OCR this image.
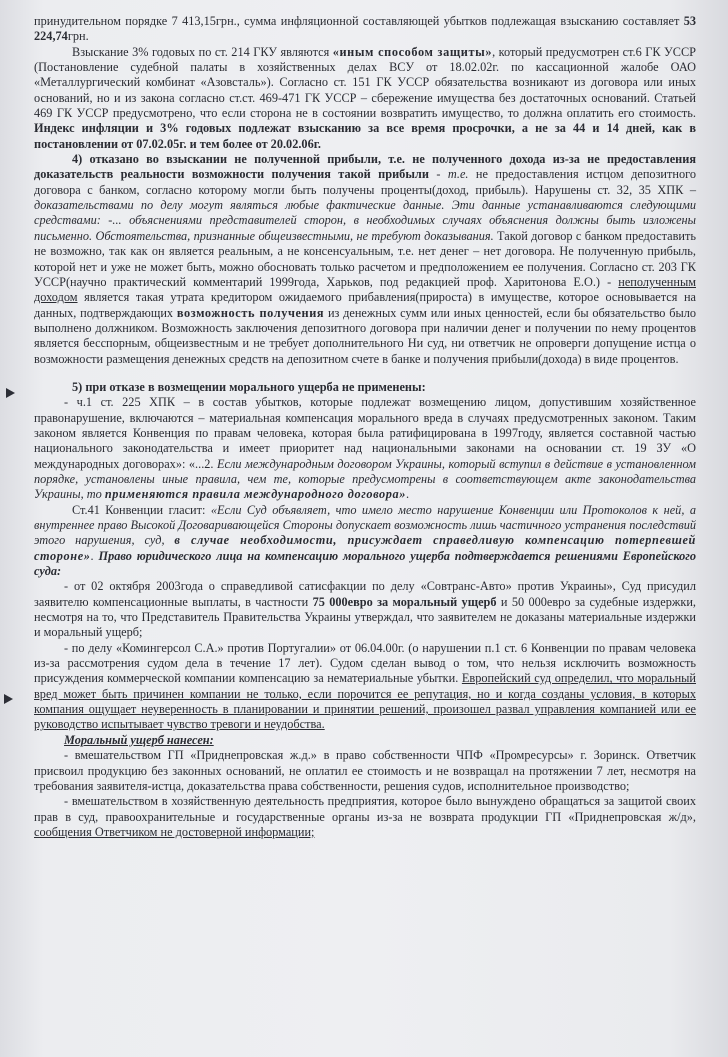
принудительном порядке 7 413,15грн., сумма инфляционной составляющей убытков подлежащая взысканию составляет 53 224,74грн.

Взыскание 3% годовых по ст. 214 ГКУ являются «иным способом защиты», который предусмотрен ст.6 ГК УССР (Постановление судебной палаты в хозяйственных делах ВСУ от 18.02.02г. по кассационной жалобе ОАО «Металлургический комбинат «Азовсталь»). Согласно ст. 151 ГК УССР обязательства возникают из договора или иных оснований, но и из закона согласно ст.ст. 469-471 ГК УССР – сбережение имущества без достаточных оснований. Статьей 469 ГК УССР предусмотрено, что если сторона не в состоянии возвратить имущество, то должна оплатить его стоимость. Индекс инфляции и 3% годовых подлежат взысканию за все время просрочки, а не за 44 и 14 дней, как в постановлении от 07.02.05г. и тем более от 20.02.06г.

4) отказано во взыскании не полученной прибыли, т.е. не полученного дохода из-за не предоставления доказательств реальности возможности получения такой прибыли - т.е. не предоставления истцом депозитного договора с банком, согласно которому могли быть получены проценты(доход, прибыль). Нарушены ст. 32, 35 ХПК – доказательствами по делу могут являться любые фактические данные. Эти данные устанавливаются следующими средствами: -... объяснениями представителей сторон, в необходимых случаях объяснения должны быть изложены письменно. Обстоятельства, признанные общеизвестными, не требуют доказывания. Такой договор с банком предоставить не возможно, так как он является реальным, а не консенсуальным, т.е. нет денег – нет договора. Не полученную прибыль, которой нет и уже не может быть, можно обосновать только расчетом и предположением ее получения. Согласно ст. 203 ГК УССР(научно практический комментарий 1999года, Харьков, под редакцией проф. Харитонова Е.О.) - неполученным доходом является такая утрата кредитором ожидаемого прибавления(прироста) в имуществе, которое основывается на данных, подтверждающих возможность получения из денежных сумм или иных ценностей, если бы обязательство было выполнено должником. Возможность заключения депозитного договора при наличии денег и получении по нему процентов является бесспорным, общеизвестным и не требует дополнительного Ни суд, ни ответчик не опроверги допущение истца о возможности размещения денежных средств на депозитном счете в банке и получения прибыли(дохода) в виде процентов.

5) при отказе в возмещении морального ущерба не применены:

- ч.1 ст. 225 ХПК – в состав убытков, которые подлежат возмещению лицом, допустившим хозяйственное правонарушение, включаются – материальная компенсация морального вреда в случаях предусмотренных законом. Таким законом является Конвенция по правам человека, которая была ратифицирована в 1997году, является составной частью национального законодательства и имеет приоритет над национальными законами на основании ст. 19 ЗУ «О международных договорах»: «...2. Если международным договором Украины, который вступил в действие в установленном порядке, установлены иные правила, чем те, которые предусмотрены в соответствующем акте законодательства Украины, то применяются правила международного договора».

Ст.41 Конвенции гласит: «Если Суд объявляет, что имело место нарушение Конвенции или Протоколов к ней, а внутреннее право Высокой Договаривающейся Стороны допускает возможность лишь частичного устранения последствий этого нарушения, суд, в случае необходимости, присуждает справедливую компенсацию потерпевшей стороне». Право юридического лица на компенсацию морального ущерба подтверждается решениями Европейского суда:

- от 02 октября 2003года о справедливой сатисфакции по делу «Совтранс-Авто» против Украины», Суд присудил заявителю компенсационные выплаты, в частности 75 000евро за моральный ущерб и 50 000евро за судебные издержки, несмотря на то, что Представитель Правительства Украины утверждал, что заявителем не доказаны материальные издержки и моральный ущерб;

- по делу «Комингерсол С.А.» против Португалии» от 06.04.00г. (о нарушении п.1 ст. 6 Конвенции по правам человека из-за рассмотрения судом дела в течение 17 лет). Судом сделан вывод о том, что нельзя исключить возможность присуждения коммерческой компании компенсацию за нематериальные убытки. Европейский суд определил, что моральный вред может быть причинен компании не только, если порочится ее репутация, но и когда созданы условия, в которых компания ощущает неуверенность в планировании и принятии решений, произошел развал управления компанией или ее руководство испытывает чувство тревоги и неудобства.

Моральный ущерб нанесен:

- вмешательством ГП «Приднепровская ж.д.» в право собственности ЧПФ «Промресурсы» г. Зоринск. Ответчик присвоил продукцию без законных оснований, не оплатил ее стоимость и не возвращал на протяжении 7 лет, несмотря на требования заявителя-истца, доказательства права собственности, решения судов, исполнительное производство;

- вмешательством в хозяйственную деятельность предприятия, которое было вынуждено обращаться за защитой своих прав в суд, правоохранительные и государственные органы из-за не возврата продукции ГП «Приднепровская ж/д», сообщения Ответчиком не достоверной информации;
